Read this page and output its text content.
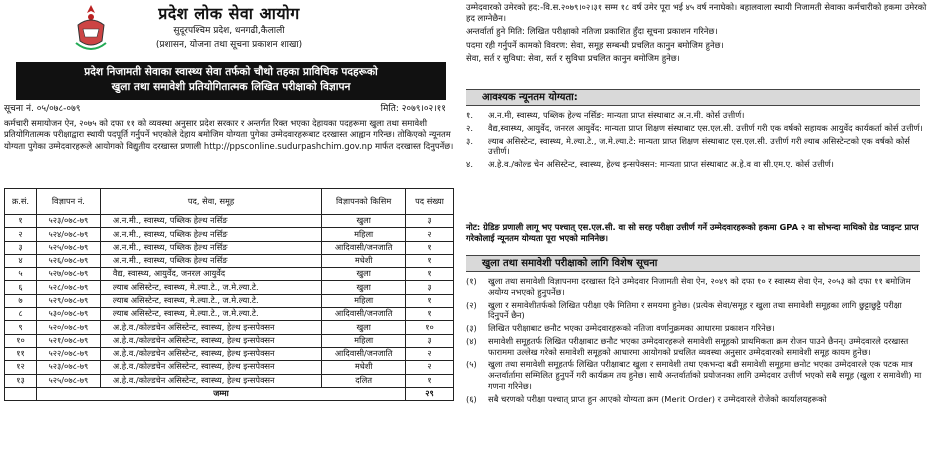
प्रदेश लोक सेवा आयोग
सुदूरपश्चिम प्रदेश, धनगढी,कैलाली
(प्रशासन, योजना तथा सूचना प्रकाशन शाखा)
प्रदेश निजामती सेवाका स्वास्थ्य सेवा तर्फको चौथो तहका प्राविधिक पदहरूको
खुला तथा समावेशी प्रतियोगितात्मक लिखित परीक्षाको विज्ञापन
सूचना नं. ०५/०७८-०७९	मिति: २०७९।०२।११
कर्मचारी समायोजन ऐन, २०७५ को दफा ११ को व्यवस्था अनुसार प्रदेश सरकार र अन्तर्गत रिक्त भएका देहायका पदहरूमा खुला तथा समावेशी प्रतियोगितात्मक परीक्षाद्वारा स्थायी पदपूर्ति गर्नुपर्ने भएकोले देहाय बमोजिम योग्यता पुगेका उम्मेदवारहरूबाट दरखास्त आह्वान गरिन्छ। तोकिएको न्यूनतम योग्यता पुगेका उम्मेदवारहरूले आयोगको विद्युतीय दरखास्त प्रणाली http://ppsconline.sudurpashchim.gov.np मार्फत दरखास्त दिनुपर्नेछ।
क्र.सं.	विज्ञापन नं.	पद, सेवा, समूह	विज्ञापनको किसिम	पद संख्या
१	५२३/०७८-७९	अ.न.मी., स्वास्थ्य, पब्लिक हेल्थ नर्सिङ	खुला	३
२	५२४/०७८-७९	अ.न.मी., स्वास्थ्य, पब्लिक हेल्थ नर्सिङ	महिला	२
३	५२५/०७८-७९	अ.न.मी., स्वास्थ्य, पब्लिक हेल्थ नर्सिङ	आदिवासी/जनजाति	१
४	५२६/०७८-७९	अ.न.मी., स्वास्थ्य, पब्लिक हेल्थ नर्सिङ	मधेशी	१
५	५२७/०७८-७९	वैद्य, स्वास्थ्य, आयुर्वेद, जनरल आयुर्वेद	खुला	१
६	५२८/०७८-७९	ल्याब असिस्टेन्ट, स्वास्थ्य, मे.ल्या.टे., ज.मे.ल्या.टे.	खुला	३
७	५२९/०७८-७९	ल्याब असिस्टेन्ट, स्वास्थ्य, मे.ल्या.टे., ज.मे.ल्या.टे.	महिला	१
८	५३०/०७८-७९	ल्याब असिस्टेन्ट, स्वास्थ्य, मे.ल्या.टे., ज.मे.ल्या.टे.	आदिवासी/जनजाति	१
९	५२०/०७८-७९	अ.हे.व./कोल्डचेन असिस्टेन्ट, स्वास्थ्य, हेल्थ इन्सपेक्सन	खुला	१०
१०	५२१/०७८-७९	अ.हे.व./कोल्डचेन असिस्टेन्ट, स्वास्थ्य, हेल्थ इन्सपेक्सन	महिला	३
११	५२२/०७८-७९	अ.हे.व./कोल्डचेन असिस्टेन्ट, स्वास्थ्य, हेल्थ इन्सपेक्सन	आदिवासी/जनजाति	२
१२	५२३/०७८-७९	अ.हे.व./कोल्डचेन असिस्टेन्ट, स्वास्थ्य, हेल्थ इन्सपेक्सन	मधेशी	२
१३	५२५/०७८-७९	अ.हे.व./कोल्डचेन असिस्टेन्ट, स्वास्थ्य, हेल्थ इन्सपेक्सन	दलित	१
	जम्मा			२९
उम्मेदवारको उमेरको हद:-वि.स.२०७९।०२।३१ सम्म १८ वर्ष उमेर पूरा भई ४५ वर्ष ननाघेको। बहालवाला स्थायी निजामती सेवाका कर्मचारीको हकमा उमेरको हद लाग्नेछैन।
अन्तर्वार्ता हुने मिति: लिखित परीक्षाको नतिजा प्रकाशित हुँदा सूचना प्रकाशन गरिनेछ।
पदमा रही गर्नुपर्ने कामको विवरण: सेवा, समूह सम्बन्धी प्रचलित कानुन बमोजिम हुनेछ।
सेवा, सर्त र सुविधा: सेवा, सर्त र सुविधा प्रचलित कानुन बमोजिम हुनेछ।
आवश्यक न्यूनतम योग्यता:
१.	अ.न.मी, स्वास्थ्य, पब्लिक हेल्थ नर्सिङ: मान्यता प्राप्त संस्थाबाट अ.न.मी. कोर्स उत्तीर्ण।
२.	वैद्य,स्वास्थ्य, आयुर्वेद, जनरल आयुर्वेद: मान्यता प्राप्त शिक्षण संस्थाबाट एस.एल.सी. उत्तीर्ण गरी एक वर्षको सहायक आयुर्वेद कार्यकर्ता कोर्स उत्तीर्ण।
३.	ल्याब असिस्टेन्ट, स्वास्थ्य, मे.ल्या.टे., ज.मे.ल्या.टे: मान्यता प्राप्त शिक्षण संस्थाबाट एस.एल.सी. उत्तीर्ण गरी ल्याब असिस्टेन्टको एक वर्षको कोर्स उत्तीर्ण।
४.	अ.हे.व./कोल्ड चेन असिस्टेन्ट, स्वास्थ्य, हेल्थ इन्सपेक्सन: मान्यता प्राप्त संस्थाबाट अ.हे.व वा सी.एम.ए. कोर्स उत्तीर्ण।
नोट: ग्रेडिङ प्रणाली लागू भए पश्चात् एस.एल.सी. वा सो सरह परीक्षा उत्तीर्ण गर्ने उम्मेदवारहरूको हकमा GPA २ वा सोभन्दा माथिको ग्रेड प्वाइन्ट प्राप्त गरेकोलाई न्यूनतम योग्यता पूरा भएको मानिनेछ।
खुला तथा समावेशी परीक्षाको लागि विशेष सूचना
(१)	खुला तथा समावेशी विज्ञापनमा दरखास्त दिने उम्मेदवार निजामती सेवा ऐन, २०४९ को दफा १० र स्वास्थ्य सेवा ऐन, २०५३ को दफा ११ बमोजिम अयोग्य नभएको हुनुपर्नेछ।
(२)	खुला र समावेशीतर्फको लिखित परीक्षा एकै मितिमा र समयमा हुनेछ। (प्रत्येक सेवा/समूह र खुला तथा समावेशी समूहका लागि छुट्टाछुट्टै परीक्षा दिनुपर्ने छैन)
(३)	लिखित परीक्षाबाट छनौट भएका उम्मेदवारहरूको नतिजा वर्णानुक्रमका आधारमा प्रकाशन गरिनेछ।
(४)	समावेशी समूहतर्फ लिखित परीक्षाबाट छनौट भएका उम्मेदवारहरूले समावेशी समूहको प्राथमिकता क्रम रोजन पाउने छैनन्। उम्मेदवारले दरखास्त फाराममा उल्लेख गरेको समावेशी समूहको आधारमा आयोगको प्रचलित व्यवस्था अनुसार उम्मेदवारको समावेशी समूह कायम हुनेछ।
(५)	खुला तथा समावेशी समूहतर्फ लिखित परीक्षाबाट खुला र समावेशी तथा एकभन्दा बढी समावेशी समूहमा छनोट भएका उम्मेदवारले एक पटक मात्र अन्तर्वार्तामा सम्मिलित हुनुपर्ने गरी कार्यक्रम तय हुनेछ। साथै अन्तर्वार्ताको प्रयोजनका लागि उम्मेदवार उत्तीर्ण भएको सबै समूह (खुला र समावेशी) मा गणना गरिनेछ।
(६)	सबै चरणको परीक्षा पश्चात् प्राप्त हुन आएको योग्यता क्रम (Merit Order) र उम्मेदवारले रोजेको कार्यालयहरूको
